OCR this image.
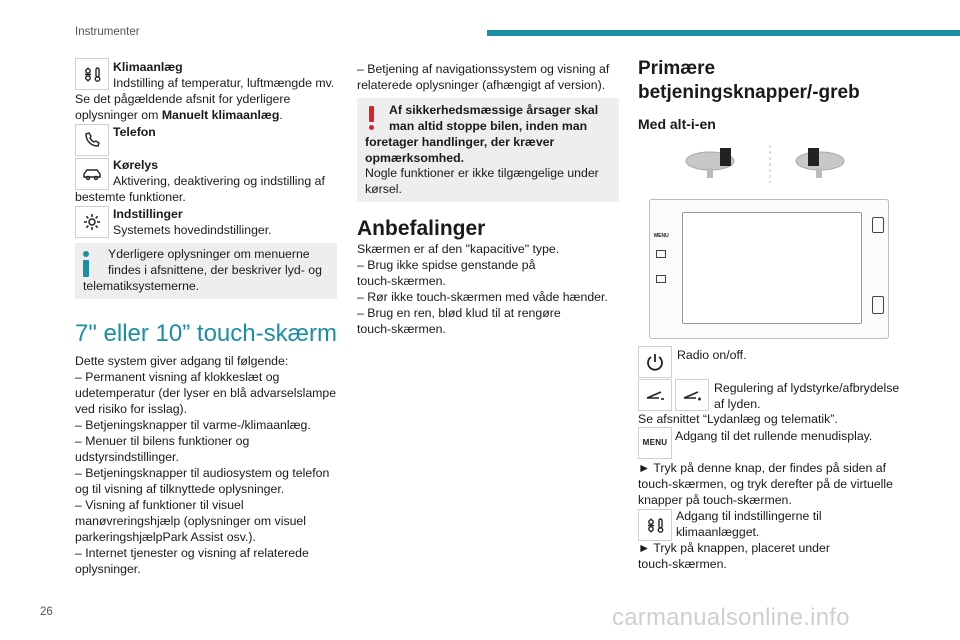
Instrumenter
26	carmanualsonline.info
Klimaanlæg
Indstilling af temperatur, luftmængde mv.
Se det pågældende afsnit for yderligere
oplysninger om Manuelt klimaanlæg.
Telefon
Kørelys
Aktivering, deaktivering og indstilling af
bestemte funktioner.
Indstillinger
Systemets hovedindstillinger.
Yderligere oplysninger om menuerne
findes i afsnittene, der beskriver lyd- og
telematiksystemerne.
7" eller 10” touch-skærm
Dette system giver adgang til følgende:
– Permanent visning af klokkeslæt og
udetemperatur (der lyser en blå advarselslampe
ved risiko for isslag).
– Betjeningsknapper til varme-/klimaanlæg.
– Menuer til bilens funktioner og
udstyrsindstillinger.
– Betjeningsknapper til audiosystem og telefon
og til visning af tilknyttede oplysninger.
– Visning af funktioner til visuel
manøvreringshjælp (oplysninger om visuel
parkeringshjælpPark Assist osv.).
– Internet tjenester og visning af relaterede
oplysninger.
– Betjening af navigationssystem og visning af
relaterede oplysninger (afhængigt af version).
Af sikkerhedsmæssige årsager skal
man altid stoppe bilen, inden man
foretager handlinger, der kræver
opmærksomhed.
Nogle funktioner er ikke tilgængelige under
kørsel.
Anbefalinger
Skærmen er af den "kapacitive" type.
– Brug ikke spidse genstande på
touch-skærmen.
– Rør ikke touch-skærmen med våde hænder.
– Brug en ren, blød klud til at rengøre
touch-skærmen.
Primære
betjeningsknapper/-greb
Med alt-i-en
MENU
Radio on/off.
Regulering af lydstyrke/afbrydelse
af lyden.
Se afsnittet “Lydanlæg og telematik”.
MENU Adgang til det rullende menudisplay.
► Tryk på denne knap, der findes på siden af
touch-skærmen, og tryk derefter på de virtuelle
knapper på touch-skærmen.
Adgang til indstillingerne til
klimaanlægget.
► Tryk på knappen, placeret under
touch-skærmen.
